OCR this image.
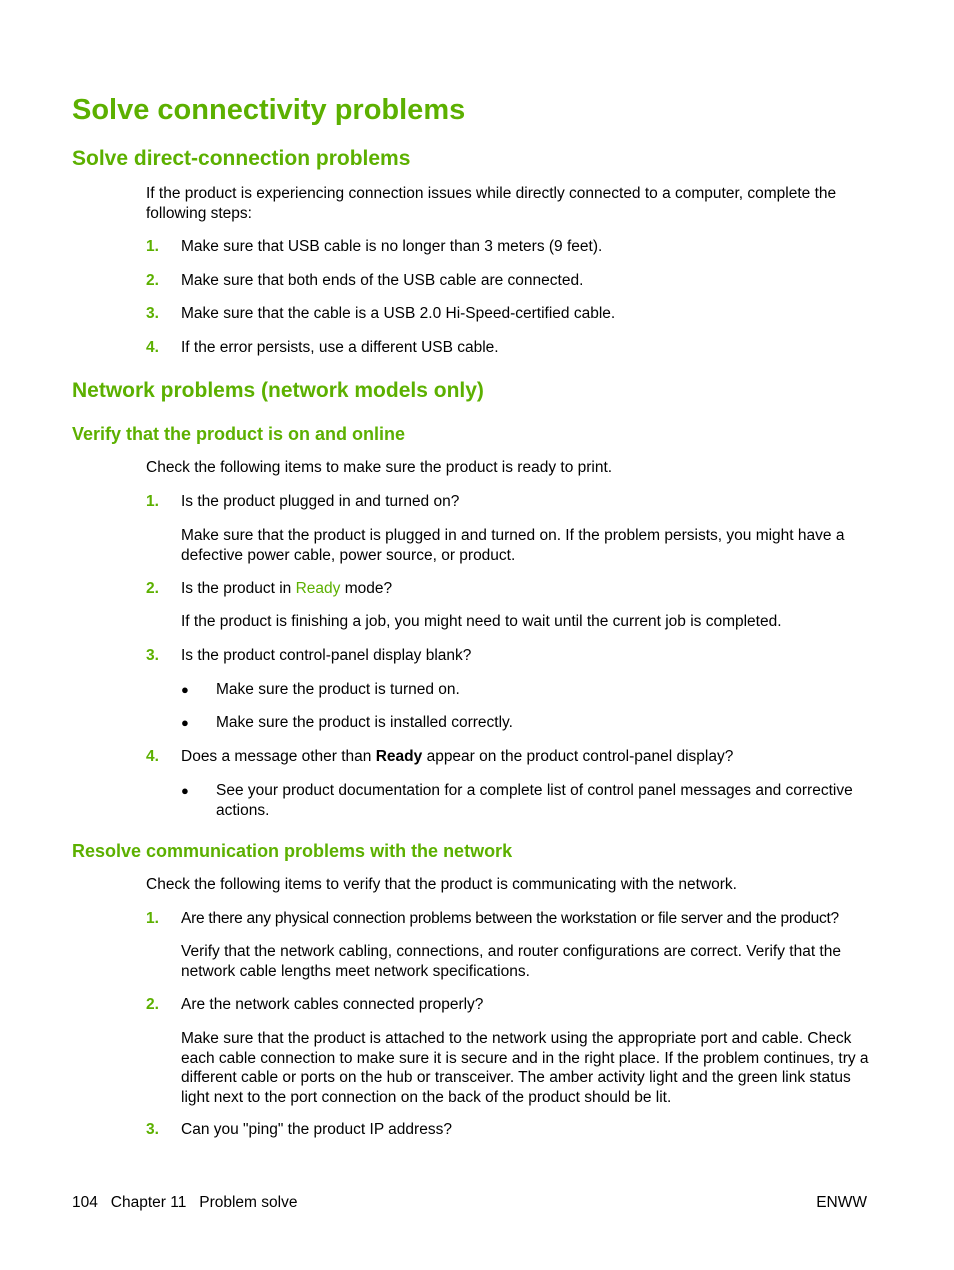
Solve connectivity problems
Solve direct-connection problems

If the product is experiencing connection issues while directly connected to a computer, complete the following steps:

1. Make sure that USB cable is no longer than 3 meters (9 feet).

2. Make sure that both ends of the USB cable are connected.

3. Make sure that the cable is a USB 2.0 Hi-Speed-certified cable.

4. If the error persists, use a different USB cable.

Network problems (network models only)
Verify that the product is on and online

Check the following items to make sure the product is ready to print.

1. Is the product plugged in and turned on?

Make sure that the product is plugged in and turned on. If the problem persists, you might have a defective power cable, power source, or product.

2. Is the product in Ready mode?

If the product is finishing a job, you might need to wait until the current job is completed.

3. Is the product control-panel display blank?

● Make sure the product is turned on.

● Make sure the product is installed correctly.

4. Does a message other than Ready appear on the product control-panel display?

● See your product documentation for a complete list of control panel messages and corrective actions.

Resolve communication problems with the network

Check the following items to verify that the product is communicating with the network.

1. Are there any physical connection problems between the workstation or file server and the product?

Verify that the network cabling, connections, and router configurations are correct. Verify that the network cable lengths meet network specifications.

2. Are the network cables connected properly?

Make sure that the product is attached to the network using the appropriate port and cable. Check each cable connection to make sure it is secure and in the right place. If the problem continues, try a different cable or ports on the hub or transceiver. The amber activity light and the green link status light next to the port connection on the back of the product should be lit.

3. Can you "ping" the product IP address?

104   Chapter 11   Problem solve	ENWW
